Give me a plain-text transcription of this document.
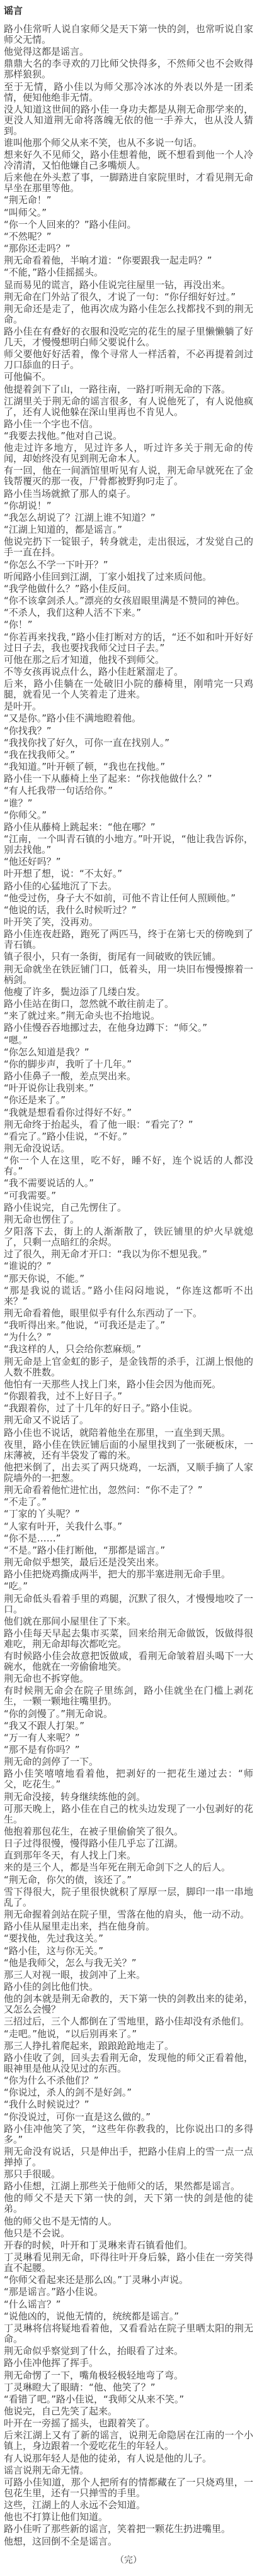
谣言

路小佳常听人说自家师父是天下第一快的剑，也常听说自家师父无情。

他觉得这都是谣言。

鼎鼎大名的李寻欢的刀比师父快得多，不然师父也不会败得那样狼狈。

至于无情，路小佳以为师父那冷冰冰的外表以外是一团柔情，便知他绝非无情。

没人知道这世间的路小佳一身功夫都是从荆无命那学来的，更没人知道荆无命将落魄无依的他一手养大，也从没人猜到。

谁叫他那个师父从来不笑，也从不多说一句话。

想来好久不见师父，路小佳想着他，既不想看到他一个人冷冷清清，又怕他嫌自己多嘴烦人。

后来他在外头惹了事，一脚踏进自家院里时，才看见荆无命早坐在那里等他。

“荆无命！”

“叫师父。”

“你一个人回来的？”路小佳问。

“不然呢？”

“那你还走吗？”

荆无命看着他，半晌才道：“你要跟我一起走吗？”

“不能，”路小佳摇摇头。

显而易见的谎言，路小佳说完往屋里一钻，再没出来。

荆无命在门外站了很久，才说了一句：“你仔细好好过。”

荆无命还是走了，他再次成为路小佳怎么找都找不到的荆无命。

路小佳在有叠好的衣服和没吃完的花生的屋子里懒懒躺了好几天，才慢慢想明白师父要说什么。

师父要他好好活着，像个寻常人一样活着，不必再提着剑过刀口舔血的日子。

可他偏不。

他提着剑下了山，一路往南，一路打听荆无命的下落。

江湖里关于荆无命的谣言很多，有人说他死了，有人说他疯了，还有人说他躲在深山里再也不肯见人。

路小佳一个字也不信。

“我要去找他。”他对自己说。

他走过许多地方，见过许多人，听过许多关于荆无命的传闻，却始终没有见到荆无命本人。

有一回，他在一间酒馆里听见有人说，荆无命早就死在了金钱帮覆灭的那一夜，尸骨都被野狗叼走了。

路小佳当场就掀了那人的桌子。

“你胡说！”

“我怎么胡说了？江湖上谁不知道？”

“江湖上知道的，都是谣言。”

他说完扔下一锭银子，转身就走，走出很远，才发觉自己的手一直在抖。

“你怎么不学一下叶开？”

听闻路小佳回到江湖，丁家小姐找了过来质问他。

“我学他做什么？”路小佳反问。

“你不该拿剑杀人。”漂亮的女孩眉眼里满是不赞同的神色。

“不杀人，我们这种人活不下来。”

“你！”

“你若再来找我，”路小佳打断对方的话，“还不如和叶开好好过日子去，我也要找我师父过日子去。”

可他在那之后才知道，他找不到师父。

不等女孩再说点什么，路小佳赶紧溜走了。

后来，路小佳躺在一处破旧小院的藤椅里，刚啃完一只鸡腿，就看见一个人笑着走了进来。

是叶开。

“又是你。”路小佳不满地瞪着他。

“你找我？”

“我找你找了好久，可你一直在找别人。”

“我在找我师父。”

“我知道。”叶开顿了顿，“我也在找他。”

路小佳一下从藤椅上坐了起来：“你找他做什么？”

“有人托我带一句话给你。”

“谁？”

“你师父。”

路小佳从藤椅上跳起来：“他在哪？”

“江南，一个叫青石镇的小地方。”叶开说，“他让我告诉你，别去找他。”

“他还好吗？”

叶开想了想，说：“不太好。”

路小佳的心猛地沉了下去。

“他受过伤，身子大不如前，可他不肯让任何人照顾他。”

“他说的话，我什么时候听过？”

叶开笑了笑，没再劝。

路小佳连夜赶路，跑死了两匹马，终于在第七天的傍晚到了青石镇。

镇子很小，只有一条街，街尾有一间破败的铁匠铺。

荆无命就坐在铁匠铺门口，低着头，用一块旧布慢慢擦着一柄剑。

他瘦了许多，鬓边添了几缕白发。

路小佳站在街口，忽然就不敢往前走了。

“来了就过来。”荆无命头也不抬地说。

路小佳慢吞吞地挪过去，在他身边蹲下：“师父。”

“嗯。”

“你怎么知道是我？”

“你的脚步声，我听了十几年。”

路小佳鼻子一酸，差点哭出来。

“叶开说你让我别来。”

“你还是来了。”

“我就是想看看你过得好不好。”

荆无命终于抬起头，看了他一眼：“看完了？”

“看完了。”路小佳说，“不好。”

荆无命没说话。

“你一个人在这里，吃不好，睡不好，连个说话的人都没有。”

“我不需要说话的人。”

“可我需要。”

路小佳说完，自己先愣住了。

荆无命也愣住了。

夕阳落下去，街上的人渐渐散了，铁匠铺里的炉火早就熄了，只剩一点暗红的余烬。

过了很久，荆无命才开口：“我以为你不想见我。”

“谁说的？”

“那天你说，不能。”

“那是我说的谎话。”路小佳闷闷地说，“你连这都听不出来？”

荆无命看着他，眼里似乎有什么东西动了一下。

“我听得出来。”他说，“可我还是走了。”

“为什么？”

“我这样的人，只会给你惹麻烦。”

荆无命是上官金虹的影子，是金钱帮的杀手，江湖上恨他的人数不胜数。

他怕有一天那些人找上门来，路小佳会因为他而死。

“你跟着我，过不上好日子。”

“我跟着你，过了十几年的好日子。”路小佳说。

荆无命又不说话了。

路小佳也不说话，就陪着他坐在那里，一直坐到天黑。

夜里，路小佳在铁匠铺后面的小屋里找到了一张硬板床，一床薄被，还有半袋发了霉的米。

他把米倒了，出去买了两只烧鸡，一坛酒，又顺手摘了人家院墙外的一把葱。

荆无命看着他忙进忙出，忽然问：“你不走了？”

“不走了。”

“丁家的丫头呢？”

“人家有叶开，关我什么事。”

“你不是……”

“不是。”路小佳打断他，“那都是谣言。”

荆无命似乎想笑，最后还是没笑出来。

路小佳把烧鸡撕成两半，把大的那半塞进荆无命手里。

“吃。”

荆无命低头看着手里的鸡腿，沉默了很久，才慢慢地咬了一口。

他们就在那间小屋里住了下来。

路小佳每天早起去集市买菜，回来给荆无命做饭，饭做得很难吃，荆无命却每次都吃完。

有时候路小佳会故意把饭做咸，看荆无命皱着眉头喝下一大碗水，他就在一旁偷偷地笑。

荆无命也不拆穿他。

有时候荆无命会在院子里练剑，路小佳就坐在门槛上剥花生，一颗一颗地往嘴里扔。

“你的剑慢了。”荆无命说。

“我又不跟人打架。”

“万一有人来呢？”

“那不是有你吗？”

荆无命的剑停了一下。

路小佳笑嘻嘻地看着他，把剥好的一把花生递过去：“师父，吃花生。”

荆无命没接，转身继续练他的剑。

可那天晚上，路小佳在自己的枕头边发现了一小包剥好的花生。

他抱着那包花生，在被子里偷偷笑了很久。

日子过得很慢，慢得路小佳几乎忘了江湖。

直到那年冬天，有人找上门来。

来的是三个人，都是当年死在荆无命剑下之人的后人。

“荆无命，你欠的债，该还了。”

雪下得很大，院子里很快就积了厚厚一层，脚印一串一串地乱了。

荆无命握着剑站在院子里，雪落在他的肩头，他一动不动。

路小佳从屋里走出来，挡在他身前。

“要找他，先过我这关。”

“路小佳，这与你无关。”

“他是我师父，怎么与我无关？”

那三人对视一眼，拔剑冲了上来。

路小佳的剑比他们快。

他的剑本就是荆无命教的，天下第一快的剑教出来的徒弟，又怎么会慢？

三招过后，三个人都倒在了雪地里，路小佳却没有杀他们。

“走吧。”他说，“以后别再来了。”

那三人挣扎着爬起来，踉踉跄跄地走了。

路小佳收了剑，回头去看荆无命，发现他的师父正看着他，眼神里是他从没见过的东西。

“你为什么不杀他们？”

“你说过，杀人的剑不是好剑。”

“我什么时候说过？”

“你没说过，可你一直是这么做的。”

路小佳冲他笑了笑，“这些年你教我的，比你说出口的多得多。”

荆无命没有说话，只是伸出手，把路小佳肩上的雪一点一点掸掉了。

那只手很暖。

路小佳想，江湖上那些关于他师父的话，果然都是谣言。

他的师父不是天下第一快的剑，天下第一快的剑是他的徒弟。

他的师父也不是无情的人。

他只是不会说。

开春的时候，叶开和丁灵琳来青石镇看他们。

丁灵琳看见荆无命，吓得往叶开身后躲，路小佳在一旁笑得直不起腰。

“你师父看起来还是那么凶。”丁灵琳小声说。

“那是谣言。”路小佳说。

“什么谣言？”

“说他凶的，说他无情的，统统都是谣言。”

丁灵琳将信将疑地看着他，又看看站在院子里晒太阳的荆无命。

荆无命似乎察觉到了什么，抬眼看了过来。

路小佳冲他挥了挥手。

荆无命愣了一下，嘴角极轻极轻地弯了弯。

丁灵琳瞪大了眼睛：“他、他笑了？”

“看错了吧。”路小佳说，“我师父从来不笑。”

他说完，自己先笑了起来。

叶开在一旁摇了摇头，也跟着笑了。

后来江湖上又有了新的谣言，说荆无命隐居在江南的一个小镇上，身边跟着一个爱吃花生的年轻人。

有人说那年轻人是他的徒弟，有人说是他的儿子。

谣言说荆无命无情。

可路小佳知道，那个人把所有的情都藏在了一只烧鸡里，一包花生里，还有一只掸雪的手里。

这些，江湖上的人永远不会知道。

他也不打算让他们知道。

路小佳听了那些新的谣言，笑着把一颗花生扔进嘴里。

他想，这回倒不全是谣言。

（完）
